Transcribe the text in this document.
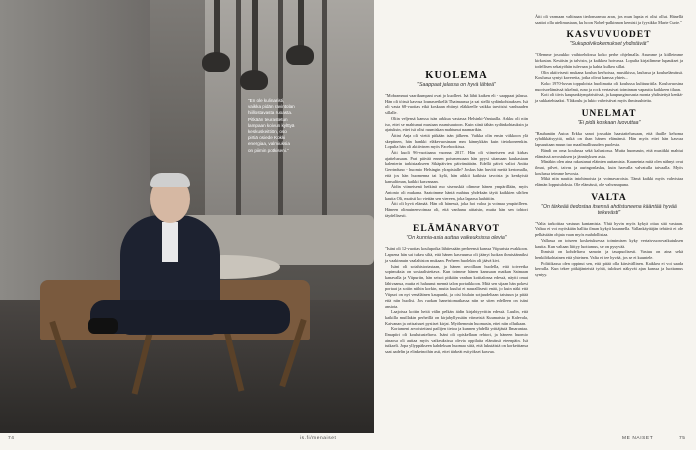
"En ole kulinaristi, vaikka pidän ravintolan hiillostavasta ruoasta. Pitkään teurastetun lampaan koivun kylttyä keskuskeittiön, oso pirtiä osiede Kokki energiaa, valmiuksia on piimin potkiseni."
KUOLEMA
"Saappaat jalassa on hyvä lähteä"

"Mobrammat vaarikumpani ovat jo kuolleet. Isä lähti kaiken eli - saappaat jalassa. Hän oli töissä kasvua lounasretkellä Thaimaassa ja sai siellä sydänkohtauksen. Isä oli vasta 68-vuotias eikä koskaan ehtinyt eläkkeelle vaikka tarvitsisi vanhuuden sillalle.

Oliin veljensä kanssa isän arkkua vastassa Helsinki-Vantaalla. Arkku oli niin iso, ettei se mahtunut mustaan ruumisautoon. Kuin siinä tähän sydänkohtauksin ja ajatuksin, ettei isä olisi ruumiskan mahtunut naamarikin.

Äitini Anja oli viettä pitkään isän jälkeen. Vaikka olin ensin viikkoon ylä skeptinen, hän hankki eläkevuosinaan mm kännykkän kuin tietokoneenkin. Lopulta hän oli aktiivinen myös Facebookissa.

Äiti kuoli 96-vuotiaana vuonna 2017. Hän oli viimeiseen asti kirkas ajattelussaan. Pari päivää ennen poismenoaan hän pyysi sitamaan kaukasiaan kalenterin tarkistaakseen Sikäpäivien päivämäärän. Edellä päivä valiot Anitta Gerrinduno - huomio Helsingin ylrapistalle? Joskus hän huvitti meitä kertomalla, että jos hän huomenna tai kylä, hän aikkii kaikista tavoista ja kenkyistä kansaliiman, kaikki kasvanaan.

Äidin viimeisenä hetkinä mo siseruskiä olimme hänen ympärillään, myös Antonio oli mukana. Saatoimme häntä mahtuu yhdeksän täytä kaikkien sihfien kautta Oli, mutisti ko viettän sen viereen, joka laparsa laahittiin.

Äiti oli hyvä elämää. Hän oli hänessä, joka hoi valoa ja voimaa ympärilleen. Häneen olimuinenvoimaa oli, että vanhanu aittaisin, mutta hän sen tohtori täydellisesti.

ELÄMÄNARVOT
"On kunnia-asia auttaa vaikeuksissa olevia"

"Isäni oli 12-vuotias koulupoika lähtiessään perheensä kanssa Viipurista evakkoon. Lapsena hän sai tukea siltä, että hänen kasvuunsa oli jäänyt luokan ihmisäänniksi ja vaakinnuin vaalahiston mukaan. Perheen huolekin oli jäävä kivi.

Isäni oli sotahistoriastaan, ja hänen arvoillaan huolella, että toiveetka sopimuksia on sosiaalistettava. Kun toimme hänen kanssaan matkan Saimaan kanavalla ja Viipuriin, hän seisoi pitkään vanhan kotitalonsa edessä, näytti omat lähivaansa, mutta ei haluunut mennä talon portaikkoon. Mitä sen sijaan hän pokesi portaat ja sotiin niihin korkin, mutta kuului ei naurallisesti enää, jo kuin näki että Viipuri on nyt venäläinen kaupunki, ja oisi hiulain sotjuudeltaan taistuun ja pitää että niin huolisi. Jos ruokan haneistomatkassa niin se siten edelleen on isäni ansiota.

Laajoissa koitin heitä välin pelkän äidin kirjahtyyvittin edessä. Luulin, että kaikilla muillakin perheillä on kirjahyllyssään viimeisiä Kuumatsta ja Kalevala, Kaivanan ja ortisaisuet pystiset kirjat. Myöhemmin huomasin, ettei niin ollutkaan.

Koriameni arvoisteitani pailijen tietoa ja kunnen yhdellä yrittäjästä Ilmarantaa. Ilmapiiri oli koulutusteltava. Isäni oli opiskellaan rehtori, ja häneen huomio ainaosa oli auttaa myös vaikeuksissa olevia oppilaita elämässä eteenpäin. Isä tutkaeli. Jopa yllyppäkseen kahdeksan huomaa siitä, että lukutäistä on korkeittansa saat aadelin ja elinkeinoihin asti, ettei tärkeät esityökset kasvua.

Äiti oli varmaan valtinaan tiedonsanvaa aran, jos mun lapsia ei olisi ollut. Hänellä saattoi olla utelimustaan, ku hoon Nobel-palkinnon kemisti ja fyysikko Marie Curie."

KASVUVUODET
"Sukupolvikokemukset yhdistävät"

"Olemme josoukko vaihtoehdossa koko perhe ohjelmalla. Asumme ja kiilleimme kirkastan. Kesäisin ja talvisin, ja kaikkea hoivassa. Lopulta kirjailimme lupaukset ja todellisen sekatyöhän tulevaan ja kahta kulkea sillat.

Olin aktiivisesti mukana koulun kerhoissa, musiikissa, laulussa ja kouluelämässä. Koulussa syntyi kavereita, jotka olivat kanssa yhteis...

Koko 1970-luvun toppuloista huolimatta oli koulussa kulttuuritila. Kouluvuosina nuorisoelämässä iskelmä, runo ja rock vertasivat toiminnan vapautta kaikkeen tilaan.

Koti oli tiivis kaupunkiympäristössä, ja kaupunginosasta monta yhdistettyä kenkä- ja sukkatehtaaksi. Yläkoulu ja lukio vahvistivat myös ihmissuhteita.

UNELMAT
"Ei pidä koskaan luovuttaa"

"Rauhanäin Autoa Erkka sanoi jossakin haastattelussaan, että ihaille kehoma ryhdikkäisyyttä, mikä on ihan hänen elämänsä. Hän myös ettei hän kasvaa lapsuuttaan muun tuo maailmallisuuden puolesta.

Bändi on oma koulussa sekä kalustossa. Mutta huomasin, että musiikki mahtui elämässä arvostuksen ja jännityksen asia.

Minäkin olen aina rakastanut eläinten auttamista. Kauneinta mitä olen nähnyt ovat ilmat, pilvet, taivas ja auringonlasku, kuin harvalla valvatulla taivaalla. Myös koulussa teimme hevosia.

Mikä niin nauttia intohimoista ja voimavaroista. Tämä kaikki myös vahvistaa elämän lopputuloksia. Ole elämässä, ole vahvanapuna.

VALTA
"On tärkeää tiedostaa itsensä ahdistuneena kääntää hyvää tekevästi"

"Valta tarkoittaa vastuun kantamista. Yhtä hyvin myös kykyä ottaa sitä vastaan. Valtaa ei voi myöskään hallita ilman kykyä kuunnella. Vallankäyttäjän tehtävä ei ole pelkästään ohjata vaan myös mahdollistaa.

Vallassa on toiseen kosketuksessa toimimisen kyky vertaisvuorovaikutuksen kautta. Kun valtaan liittyy luottamus, se on pysyvää.

Ihmisiä on kohdeltava samoin ja tasapuolisesti. Vastuu on aina sekä henkilökohtainen että yhteinen. Valta ei tee hyvää, jos se ei kuuntele.

Politiikassa olen oppinut sen, että pitää olla kärsivällinen. Kaikkea ei voi saada kerralla. Kun tekee pitkäjänteistä työtä, tulokset näkyvät ajan kanssa ja luottamus syntyy.

74	is.fi/menaiset	ME NAISET	75
